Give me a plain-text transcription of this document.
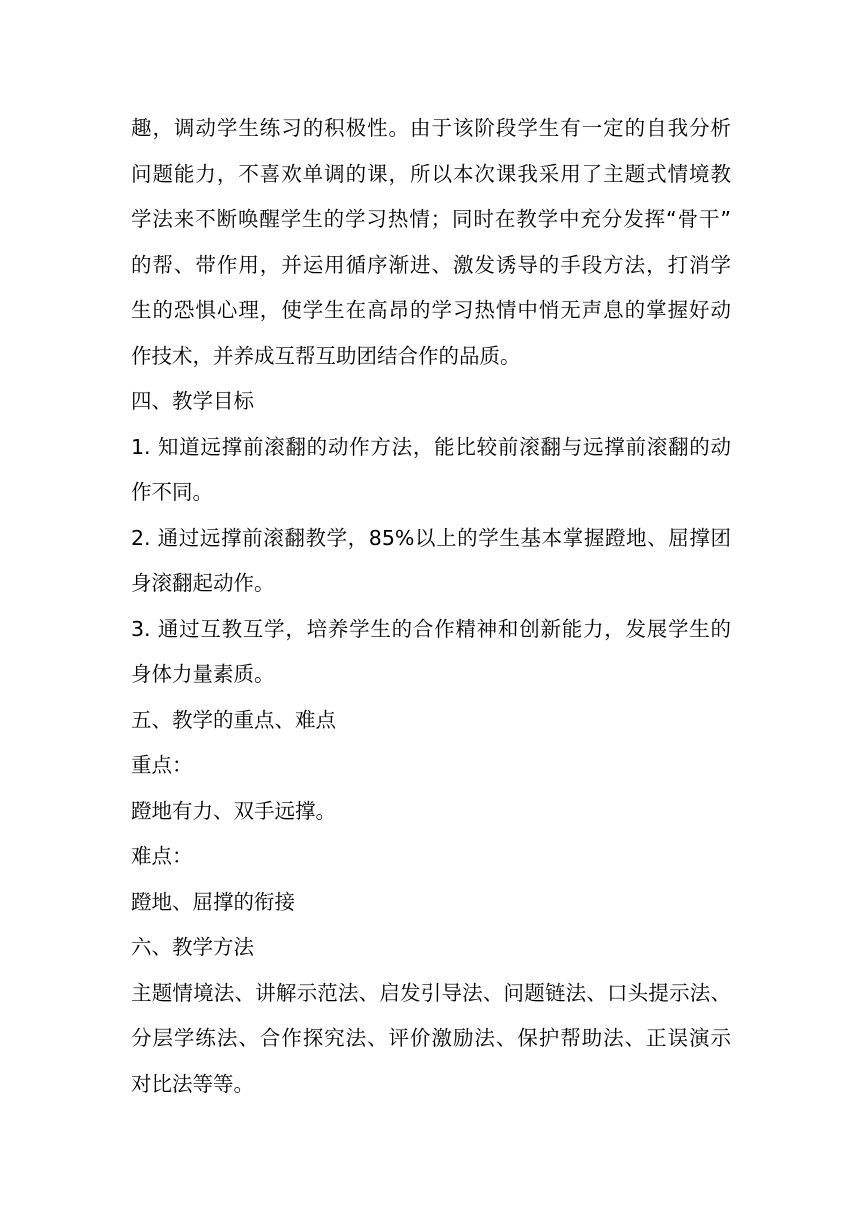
趣，调动学生练习的积极性。由于该阶段学生有一定的自我分析
问题能力，不喜欢单调的课，所以本次课我采用了主题式情境教
学法来不断唤醒学生的学习热情；同时在教学中充分发挥“骨干”
的帮、带作用，并运用循序渐进、激发诱导的手段方法，打消学
生的恐惧心理，使学生在高昂的学习热情中悄无声息的掌握好动
作技术，并养成互帮互助团结合作的品质。
四、教学目标
1. 知道远撑前滚翻的动作方法，能比较前滚翻与远撑前滚翻的动
作不同。
2. 通过远撑前滚翻教学，85%以上的学生基本掌握蹬地、屈撑团
身滚翻起动作。
3. 通过互教互学，培养学生的合作精神和创新能力，发展学生的
身体力量素质。
五、教学的重点、难点
重点：
蹬地有力、双手远撑。
难点：
蹬地、屈撑的衔接
六、教学方法
主题情境法、讲解示范法、启发引导法、问题链法、口头提示法、
分层学练法、合作探究法、评价激励法、保护帮助法、正误演示
对比法等等。
